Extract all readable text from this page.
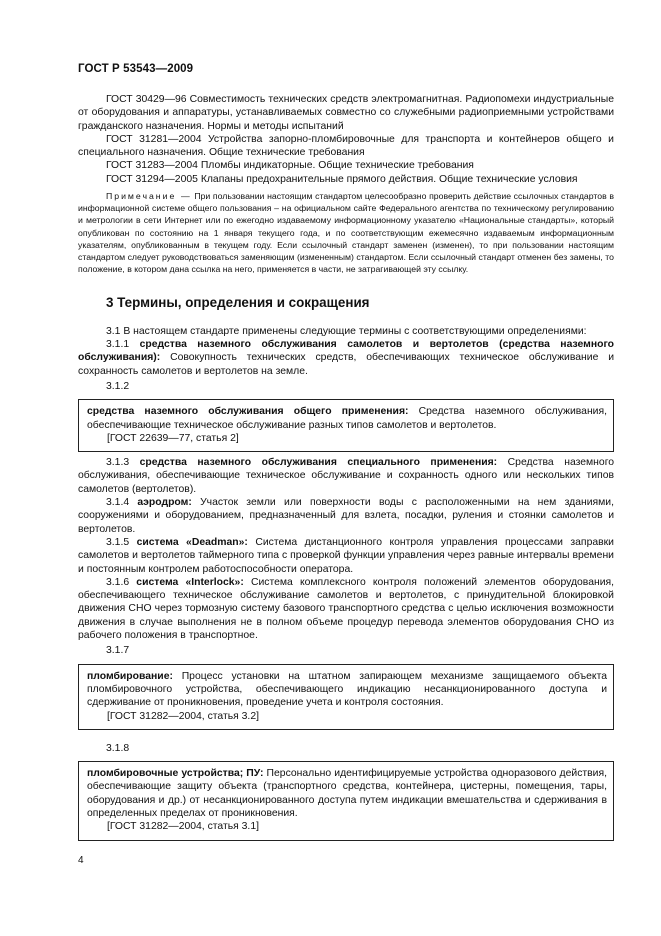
ГОСТ Р 53543—2009

ГОСТ 30429—96 Совместимость технических средств электромагнитная. Радиопомехи индустриальные от оборудования и аппаратуры, устанавливаемых совместно со служебными радиоприемными устройствами гражданского назначения. Нормы и методы испытаний

ГОСТ 31281—2004 Устройства запорно-пломбировочные для транспорта и контейнеров общего и специального назначения. Общие технические требования

ГОСТ 31283—2004 Пломбы индикаторные. Общие технические требования

ГОСТ 31294—2005 Клапаны предохранительные прямого действия. Общие технические условия

Примечание — При пользовании настоящим стандартом целесообразно проверить действие ссылочных стандартов в информационной системе общего пользования – на официальном сайте Федерального агентства по техническому регулированию и метрологии в сети Интернет или по ежегодно издаваемому информационному указателю «Национальные стандарты», который опубликован по состоянию на 1 января текущего года, и по соответствующим ежемесячно издаваемым информационным указателям, опубликованным в текущем году. Если ссылочный стандарт заменен (изменен), то при пользовании настоящим стандартом следует руководствоваться заменяющим (измененным) стандартом. Если ссылочный стандарт отменен без замены, то положение, в котором дана ссылка на него, применяется в части, не затрагивающей эту ссылку.

3 Термины, определения и сокращения

3.1 В настоящем стандарте применены следующие термины с соответствующими определениями:

3.1.1 средства наземного обслуживания самолетов и вертолетов (средства наземного обслуживания): Совокупность технических средств, обеспечивающих техническое обслуживание и сохранность самолетов и вертолетов на земле.

3.1.2

средства наземного обслуживания общего применения: Средства наземного обслуживания, обеспечивающие техническое обслуживание разных типов самолетов и вертолетов.

[ГОСТ 22639—77, статья 2]

3.1.3 средства наземного обслуживания специального применения: Средства наземного обслуживания, обеспечивающие техническое обслуживание и сохранность одного или нескольких типов самолетов (вертолетов).

3.1.4 аэродром: Участок земли или поверхности воды с расположенными на нем зданиями, сооружениями и оборудованием, предназначенный для взлета, посадки, руления и стоянки самолетов и вертолетов.

3.1.5 система «Deadman»: Система дистанционного контроля управления процессами заправки самолетов и вертолетов таймерного типа с проверкой функции управления через равные интервалы времени и постоянным контролем работоспособности оператора.

3.1.6 система «Interlock»: Система комплексного контроля положений элементов оборудования, обеспечивающего техническое обслуживание самолетов и вертолетов, с принудительной блокировкой движения СНО через тормозную систему базового транспортного средства с целью исключения возможности движения в случае выполнения не в полном объеме процедур перевода элементов оборудования СНО из рабочего положения в транспортное.

3.1.7

пломбирование: Процесс установки на штатном запирающем механизме защищаемого объекта пломбировочного устройства, обеспечивающего индикацию несанкционированного доступа и сдерживание от проникновения, проведение учета и контроля состояния.

[ГОСТ 31282—2004, статья 3.2]

3.1.8

пломбировочные устройства; ПУ: Персонально идентифицируемые устройства одноразового действия, обеспечивающие защиту объекта (транспортного средства, контейнера, цистерны, помещения, тары, оборудования и др.) от несанкционированного доступа путем индикации вмешательства и сдерживания в определенных пределах от проникновения.

[ГОСТ 31282—2004, статья 3.1]

4
